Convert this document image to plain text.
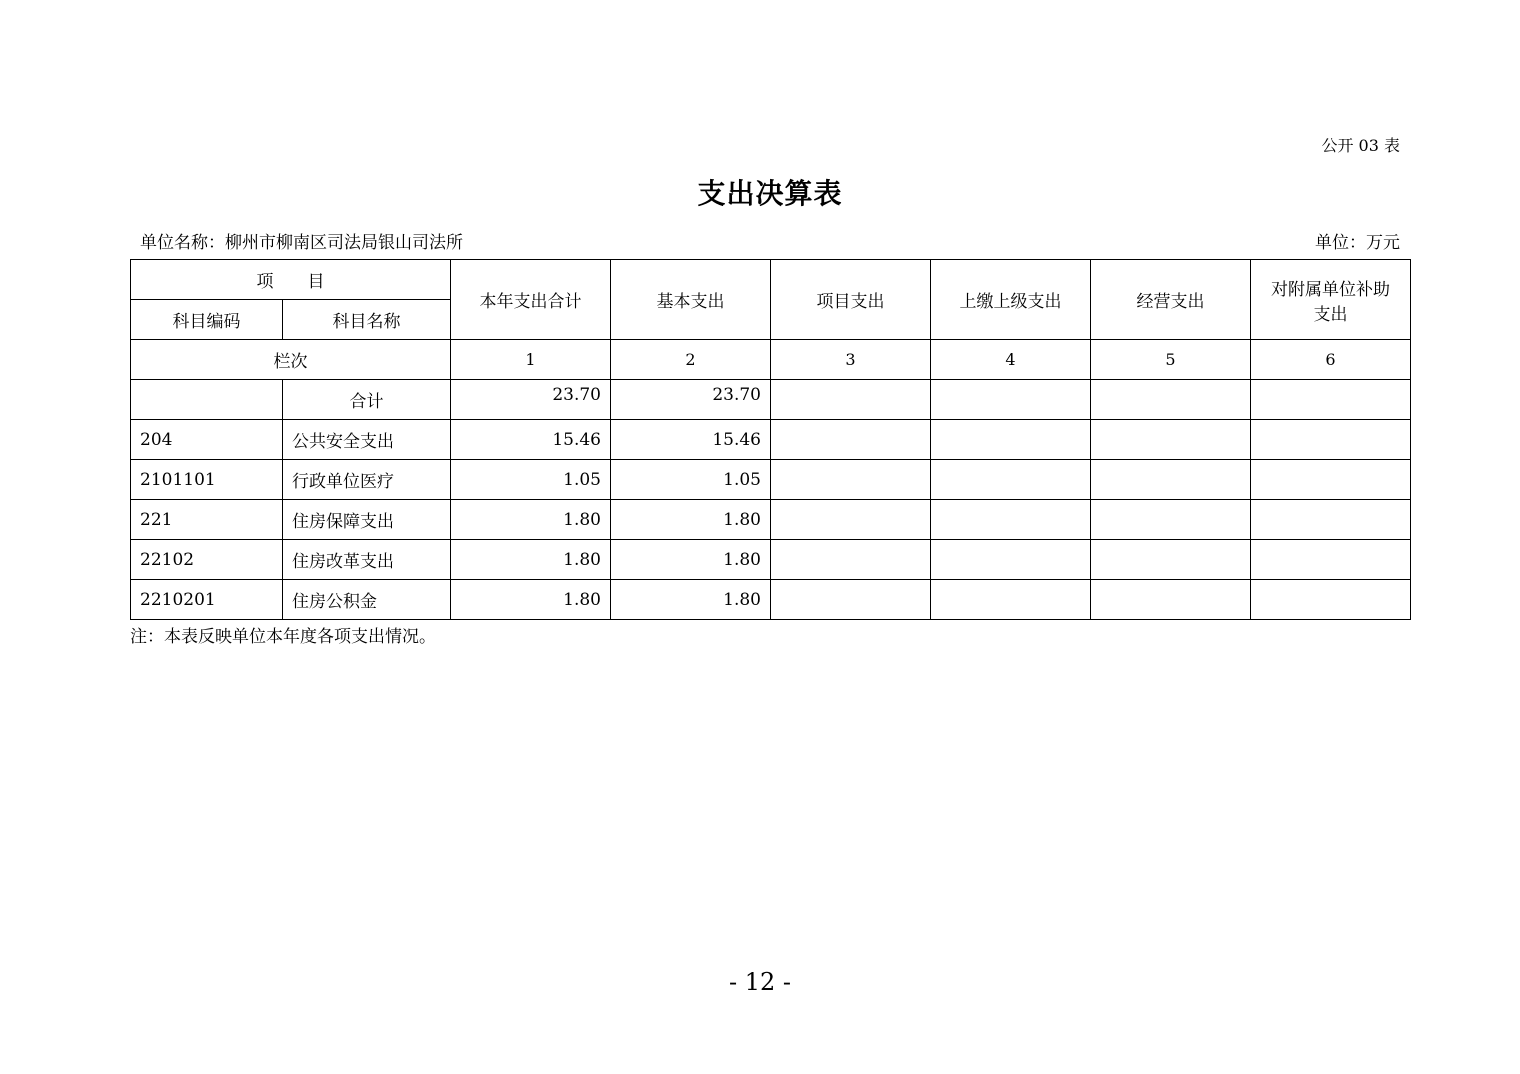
公开 03 表
支出决算表
单位名称：柳州市柳南区司法局银山司法所	单位：万元
项　　目		本年支出合计	基本支出	项目支出	上缴上级支出	经营支出	对附属单位补助支出
科目编码	科目名称						
栏次		1	2	3	4	5	6
	合计	23.70	23.70				
204	公共安全支出	15.46	15.46				
2101101	行政单位医疗	1.05	1.05				
221	住房保障支出	1.80	1.80				
22102	住房改革支出	1.80	1.80				
2210201	住房公积金	1.80	1.80				
注：本表反映单位本年度各项支出情况。
- 12 -
